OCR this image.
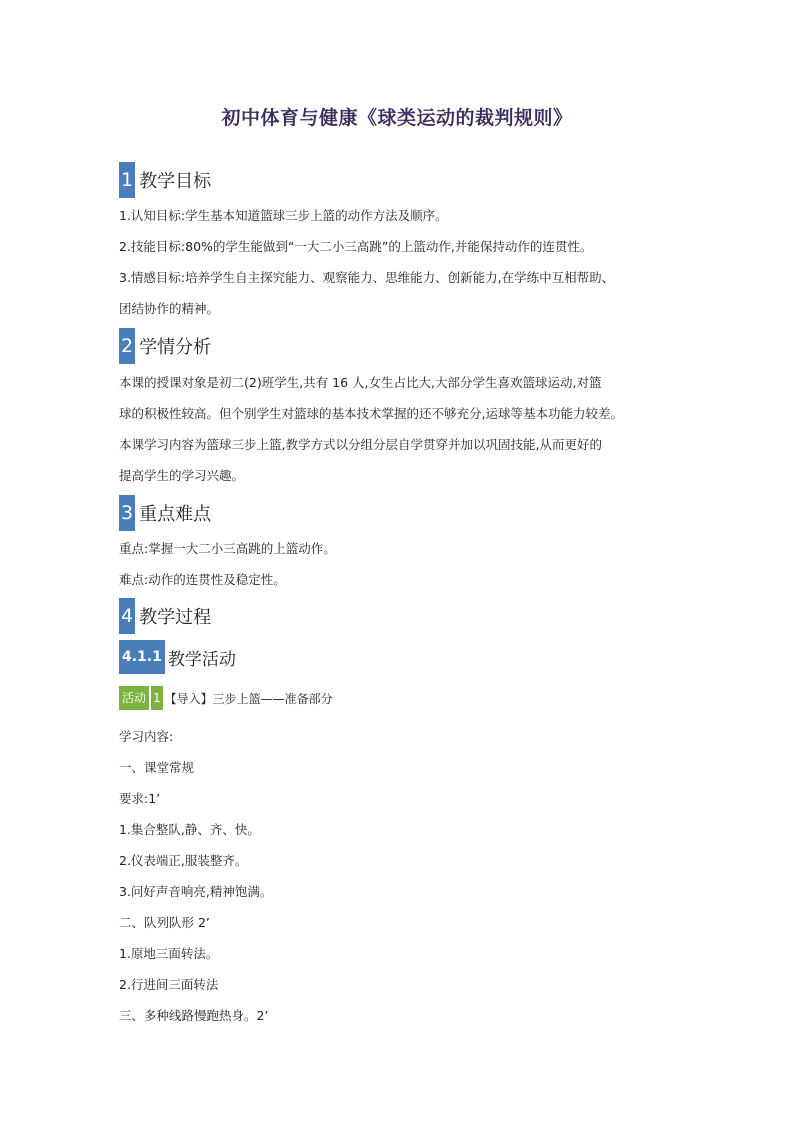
初中体育与健康《球类运动的裁判规则》
1 教学目标
1.认知目标:学生基本知道篮球三步上篮的动作方法及顺序。
2.技能目标:80%的学生能做到“一大二小三高跳”的上篮动作,并能保持动作的连贯性。
3.情感目标:培养学生自主探究能力、观察能力、思维能力、创新能力,在学练中互相帮助、
团结协作的精神。
2 学情分析
本课的授课对象是初二(2)班学生,共有 16 人,女生占比大,大部分学生喜欢篮球运动,对篮
球的积极性较高。但个别学生对篮球的基本技术掌握的还不够充分,运球等基本功能力较差。
本课学习内容为篮球三步上篮,教学方式以分组分层自学贯穿并加以巩固技能,从而更好的
提高学生的学习兴趣。
3 重点难点
重点:掌握一大二小三高跳的上篮动作。
难点:动作的连贯性及稳定性。
4 教学过程
4.1.1 教学活动
活动 1 【导入】三步上篮——准备部分
学习内容:
一、课堂常规
要求:1’
1.集合整队,静、齐、快。
2.仪表端正,服装整齐。
3.问好声音响亮,精神饱满。
二、队列队形 2’
1.原地三面转法。
2.行进间三面转法
三、多种线路慢跑热身。2’
